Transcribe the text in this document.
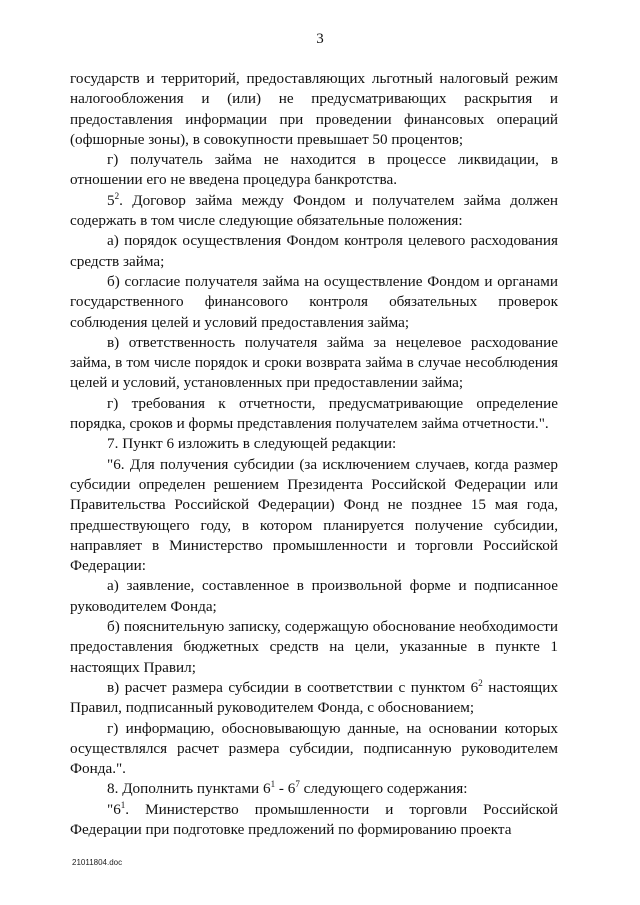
3

государств и территорий, предоставляющих льготный налоговый режим налогообложения и (или) не предусматривающих раскрытия и предоставления информации при проведении финансовых операций (офшорные зоны), в совокупности превышает 50 процентов;

г) получатель займа не находится в процессе ликвидации, в отношении его не введена процедура банкротства.

$5^2$. Договор займа между Фондом и получателем займа должен содержать в том числе следующие обязательные положения:

а) порядок осуществления Фондом контроля целевого расходования средств займа;

б) согласие получателя займа на осуществление Фондом и органами государственного финансового контроля обязательных проверок соблюдения целей и условий предоставления займа;

в) ответственность получателя займа за нецелевое расходование займа, в том числе порядок и сроки возврата займа в случае несоблюдения целей и условий, установленных при предоставлении займа;

г) требования к отчетности, предусматривающие определение порядка, сроков и формы представления получателем займа отчетности.".

7. Пункт 6 изложить в следующей редакции:

"6. Для получения субсидии (за исключением случаев, когда размер субсидии определен решением Президента Российской Федерации или Правительства Российской Федерации) Фонд не позднее 15 мая года, предшествующего году, в котором планируется получение субсидии, направляет в Министерство промышленности и торговли Российской Федерации:

а) заявление, составленное в произвольной форме и подписанное руководителем Фонда;

б) пояснительную записку, содержащую обоснование необходимости предоставления бюджетных средств на цели, указанные в пункте 1 настоящих Правил;

в) расчет размера субсидии в соответствии с пунктом $6^2$ настоящих Правил, подписанный руководителем Фонда, с обоснованием;

г) информацию, обосновывающую данные, на основании которых осуществлялся расчет размера субсидии, подписанную руководителем Фонда.".

8. Дополнить пунктами $6^1 - 6^7$ следующего содержания:

"$6^1$. Министерство промышленности и торговли Российской Федерации при подготовке предложений по формированию проекта

21011804.doc
